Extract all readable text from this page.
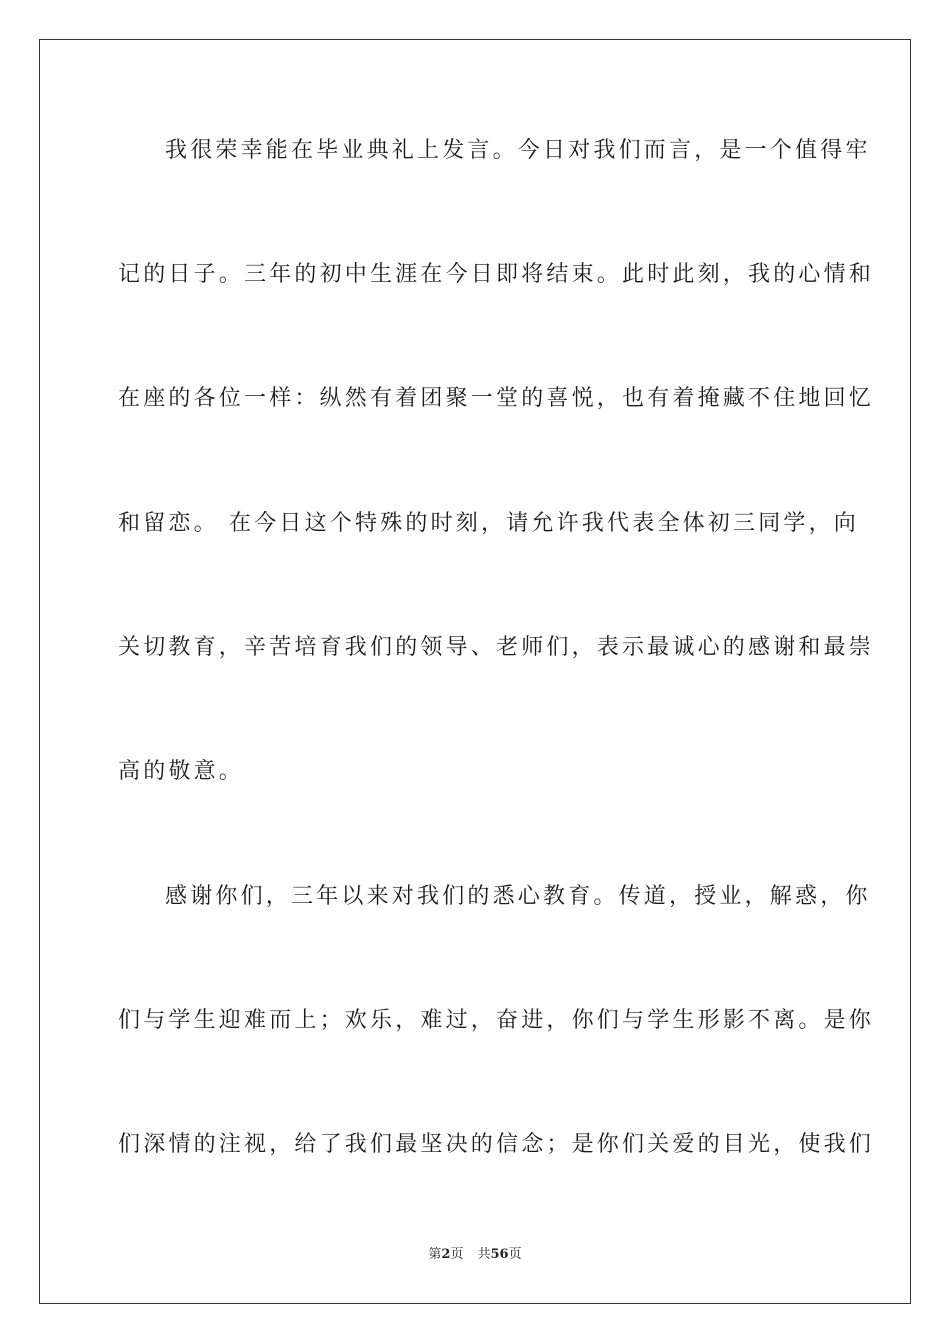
我很荣幸能在毕业典礼上发言。今日对我们而言，是一个值得牢
记的日子。三年的初中生涯在今日即将结束。此时此刻，我的心情和
在座的各位一样：纵然有着团聚一堂的喜悦，也有着掩藏不住地回忆
和留恋。 在今日这个特殊的时刻，请允许我代表全体初三同学，向
关切教育，辛苦培育我们的领导、老师们，表示最诚心的感谢和最崇
高的敬意。
感谢你们，三年以来对我们的悉心教育。传道，授业，解惑，你
们与学生迎难而上；欢乐，难过，奋进，你们与学生形影不离。是你
们深情的注视，给了我们最坚决的信念；是你们关爱的目光，使我们
第2页 共56页
